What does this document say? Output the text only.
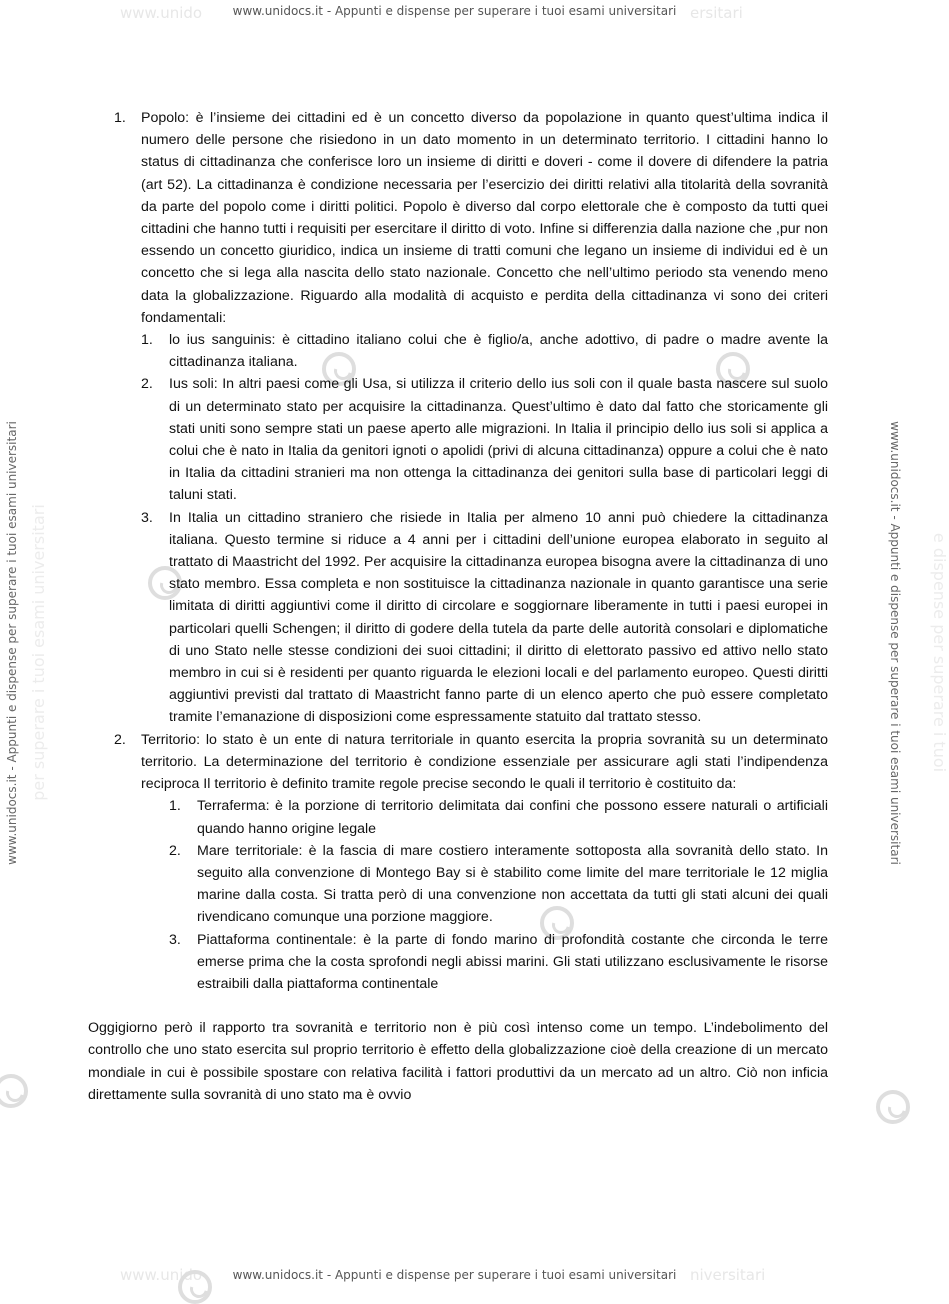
www.unido	ersitari
www.unido	niversitari
per superare i tuoi esami universitari	e dispense per superare i tuoi
www.unidocs.it - Appunti e dispense per superare i tuoi esami universitari
www.unidocs.it - Appunti e dispense per superare i tuoi esami universitari
www.unidocs.it - Appunti e dispense per superare i tuoi esami universitari	www.unidocs.it - Appunti e dispense per superare i tuoi esami universitari
1. Popolo: è l’insieme dei cittadini ed è un concetto diverso da popolazione in quanto quest’ultima indica il numero delle persone che risiedono in un dato momento in un determinato territorio. I cittadini hanno lo status di cittadinanza che conferisce loro un insieme di diritti e doveri - come il dovere di difendere la patria (art 52). La cittadinanza è condizione necessaria per l’esercizio dei diritti relativi alla titolarità della sovranità da parte del popolo come i diritti politici. Popolo è diverso dal corpo elettorale che è composto da tutti quei cittadini che hanno tutti i requisiti per esercitare il diritto di voto. Infine si differenzia dalla nazione che ,pur non essendo un concetto giuridico, indica un insieme di tratti comuni che legano un insieme di individui ed è un concetto che si lega alla nascita dello stato nazionale. Concetto che nell’ultimo periodo sta venendo meno data la globalizzazione. Riguardo alla modalità di acquisto e perdita della cittadinanza vi sono dei criteri fondamentali:
1. lo ius sanguinis: è cittadino italiano colui che è figlio/a, anche adottivo, di padre o madre avente la cittadinanza italiana.
2. Ius soli: In altri paesi come gli Usa, si utilizza il criterio dello ius soli con il quale basta nascere sul suolo di un determinato stato per acquisire la cittadinanza. Quest’ultimo è dato dal fatto che storicamente gli stati uniti sono sempre stati un paese aperto alle migrazioni. In Italia il principio dello ius soli si applica a colui che è nato in Italia da genitori ignoti o apolidi (privi di alcuna cittadinanza) oppure a colui che è nato in Italia da cittadini stranieri ma non ottenga la cittadinanza dei genitori sulla base di particolari leggi di taluni stati.
3. In Italia un cittadino straniero che risiede in Italia per almeno 10 anni può chiedere la cittadinanza italiana. Questo termine si riduce a 4 anni per i cittadini dell’unione europea elaborato in seguito al trattato di Maastricht del 1992. Per acquisire la cittadinanza europea bisogna avere la cittadinanza di uno stato membro. Essa completa e non sostituisce la cittadinanza nazionale in quanto garantisce una serie limitata di diritti aggiuntivi come il diritto di circolare e soggiornare liberamente in tutti i paesi europei in particolari quelli Schengen; il diritto di godere della tutela da parte delle autorità consolari e diplomatiche di uno Stato nelle stesse condizioni dei suoi cittadini; il diritto di elettorato passivo ed attivo nello stato membro in cui si è residenti per quanto riguarda le elezioni locali e del parlamento europeo. Questi diritti aggiuntivi previsti dal trattato di Maastricht fanno parte di un elenco aperto che può essere completato tramite l’emanazione di disposizioni come espressamente statuito dal trattato stesso.
2. Territorio: lo stato è un ente di natura territoriale in quanto esercita la propria sovranità su un determinato territorio. La determinazione del territorio è condizione essenziale per assicurare agli stati l’indipendenza reciproca Il territorio è definito tramite regole precise secondo le quali il territorio è costituito da:
1. Terraferma: è la porzione di territorio delimitata dai confini che possono essere naturali o artificiali quando hanno origine legale
2. Mare territoriale: è la fascia di mare costiero interamente sottoposta alla sovranità dello stato. In seguito alla convenzione di Montego Bay si è stabilito come limite del mare territoriale le 12 miglia marine dalla costa. Si tratta però di una convenzione non accettata da tutti gli stati alcuni dei quali rivendicano comunque una porzione maggiore.
3. Piattaforma continentale: è la parte di fondo marino di profondità costante che circonda le terre emerse prima che la costa sprofondi negli abissi marini. Gli stati utilizzano esclusivamente le risorse estraibili dalla piattaforma continentale

Oggigiorno però il rapporto tra sovranità e territorio non è più così intenso come un tempo. L’indebolimento del controllo che uno stato esercita sul proprio territorio è effetto della globalizzazione cioè della creazione di un mercato mondiale in cui è possibile spostare con relativa facilità i fattori produttivi da un mercato ad un altro. Ciò non inficia direttamente sulla sovranità di uno stato ma è ovvio
